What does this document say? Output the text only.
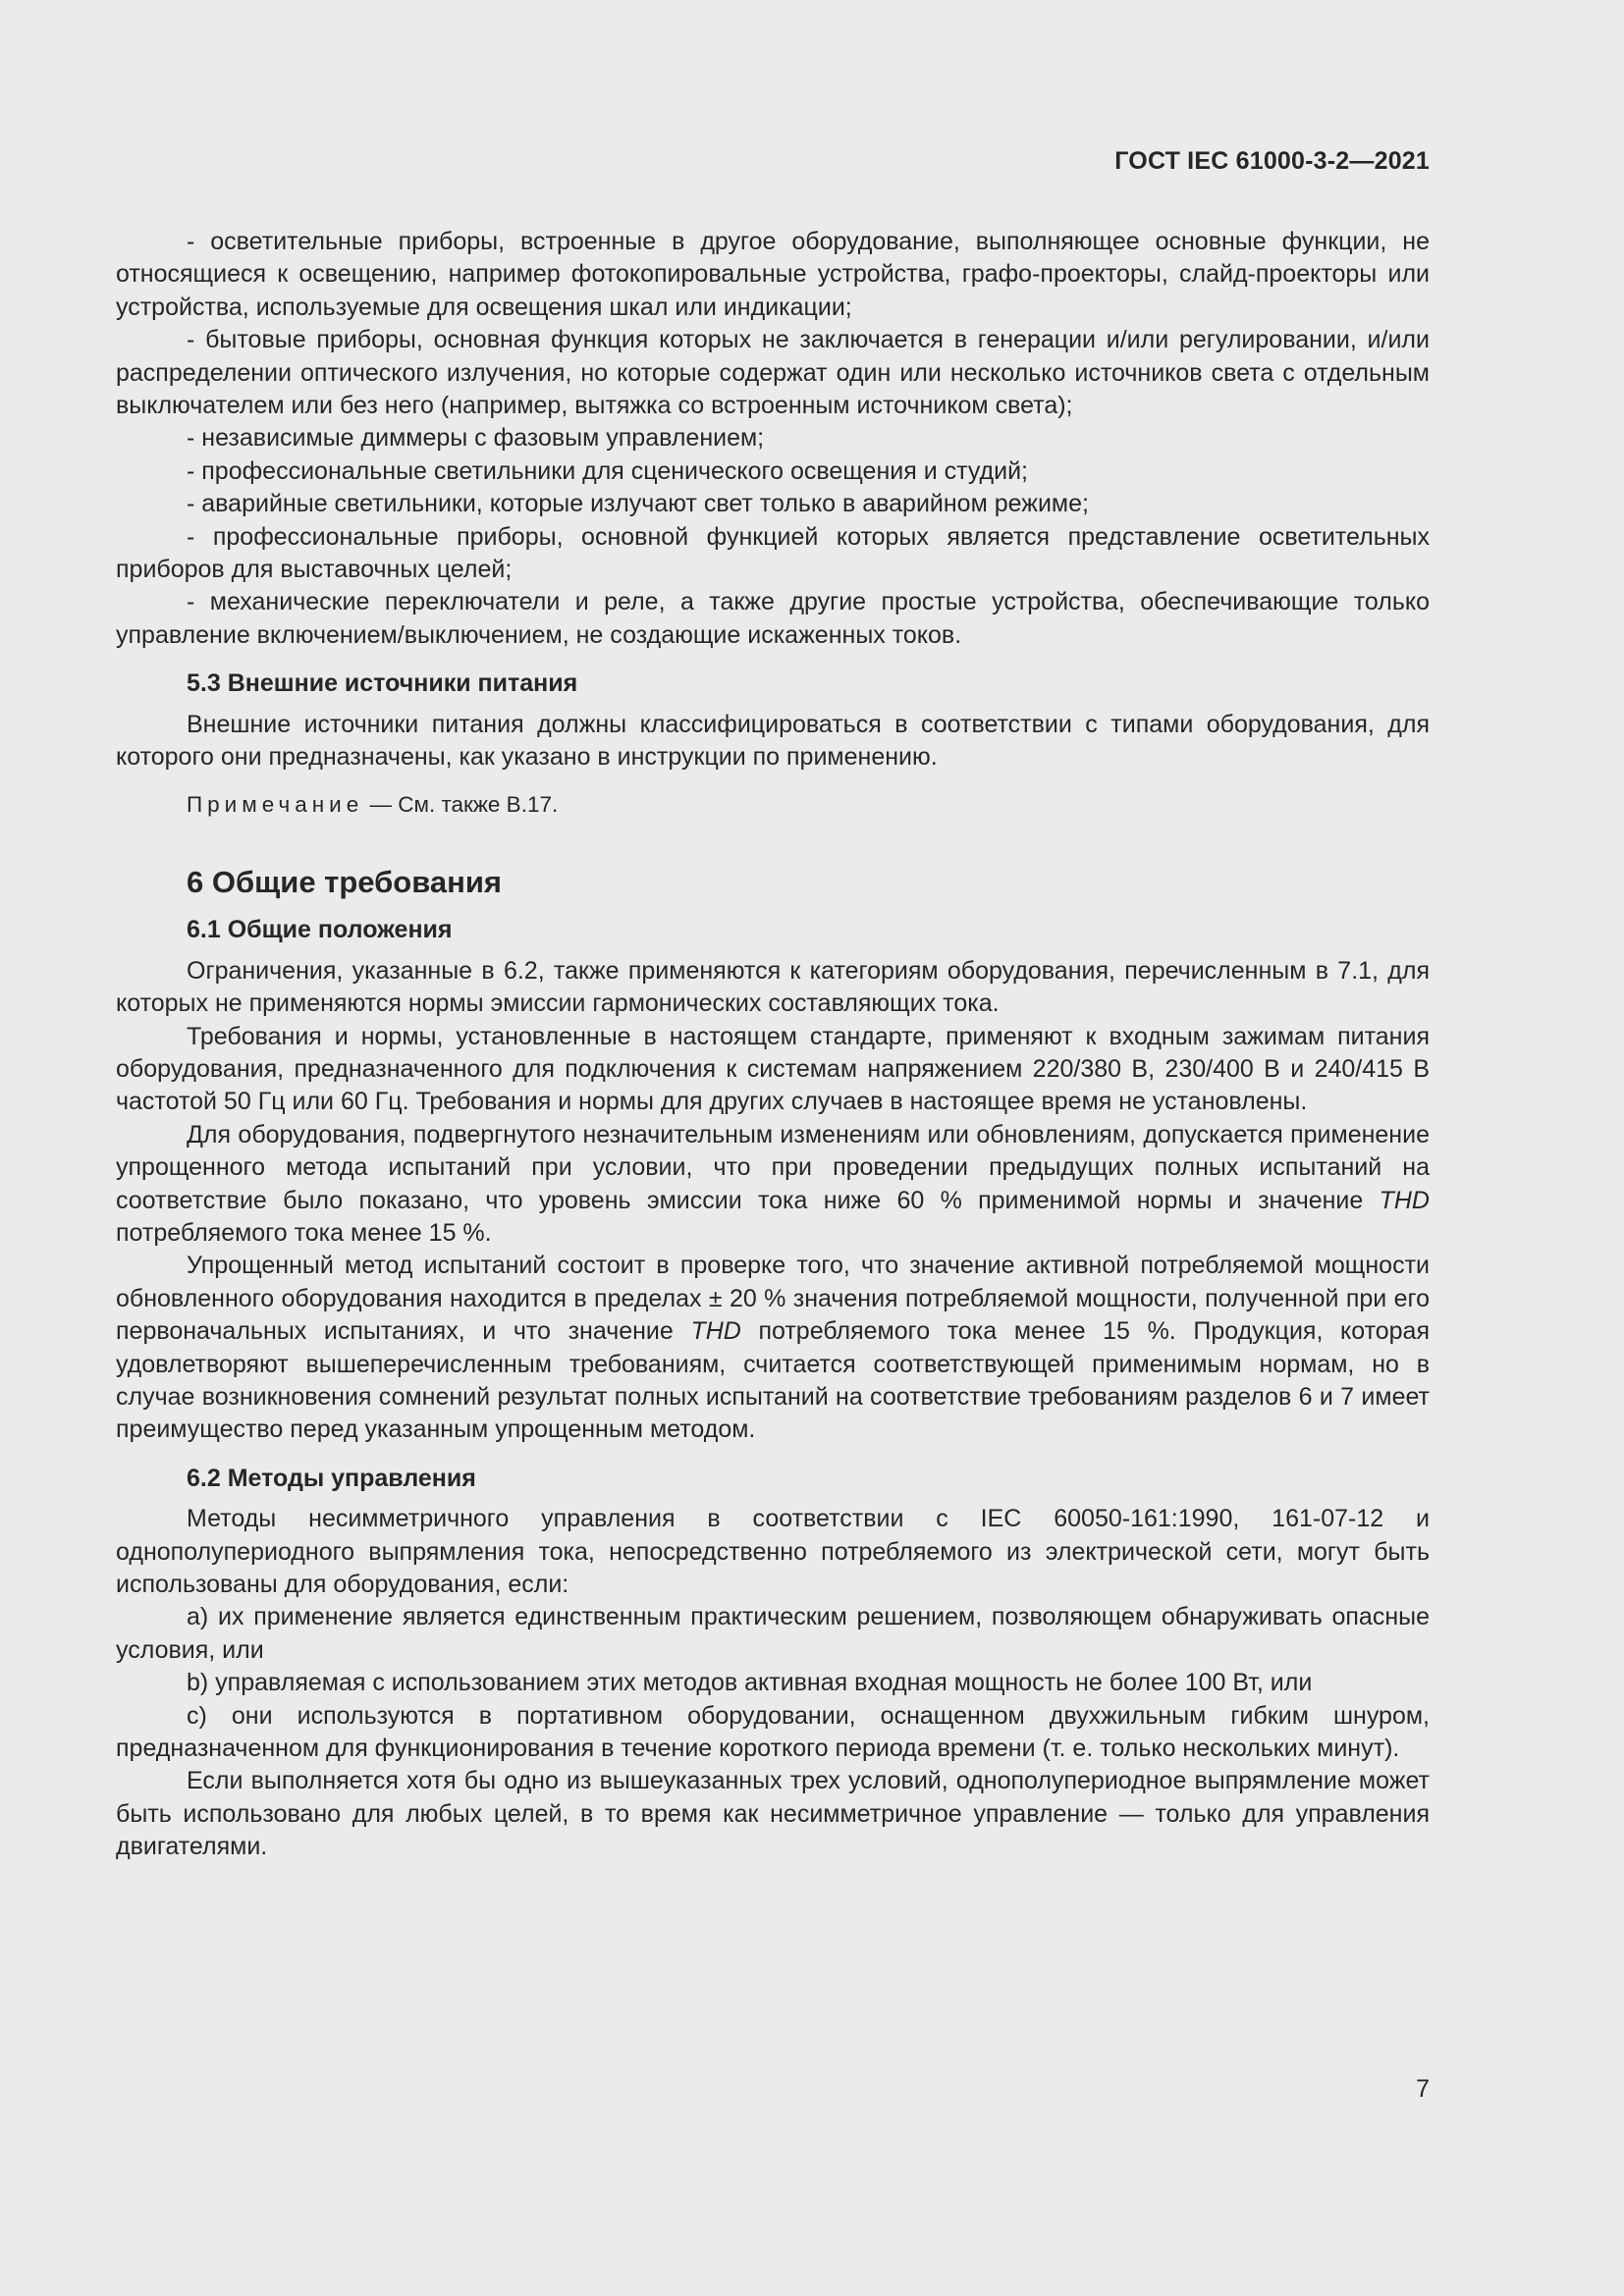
ГОСТ IEC 61000-3-2—2021

- осветительные приборы, встроенные в другое оборудование, выполняющее основные функции, не относящиеся к освещению, например фотокопировальные устройства, графо-проекторы, слайд-проекторы или устройства, используемые для освещения шкал или индикации;

- бытовые приборы, основная функция которых не заключается в генерации и/или регулировании, и/или распределении оптического излучения, но которые содержат один или несколько источников света с отдельным выключателем или без него (например, вытяжка со встроенным источником света);

- независимые диммеры с фазовым управлением;

- профессиональные светильники для сценического освещения и студий;

- аварийные светильники, которые излучают свет только в аварийном режиме;

- профессиональные приборы, основной функцией которых является представление осветительных приборов для выставочных целей;

- механические переключатели и реле, а также другие простые устройства, обеспечивающие только управление включением/выключением, не создающие искаженных токов.

5.3 Внешние источники питания

Внешние источники питания должны классифицироваться в соответствии с типами оборудования, для которого они предназначены, как указано в инструкции по применению.

Примечание — См. также B.17.

6 Общие требования

6.1 Общие положения

Ограничения, указанные в 6.2, также применяются к категориям оборудования, перечисленным в 7.1, для которых не применяются нормы эмиссии гармонических составляющих тока.

Требования и нормы, установленные в настоящем стандарте, применяют к входным зажимам питания оборудования, предназначенного для подключения к системам напряжением 220/380 В, 230/400 В и 240/415 В частотой 50 Гц или 60 Гц. Требования и нормы для других случаев в настоящее время не установлены.

Для оборудования, подвергнутого незначительным изменениям или обновлениям, допускается применение упрощенного метода испытаний при условии, что при проведении предыдущих полных испытаний на соответствие было показано, что уровень эмиссии тока ниже 60 % применимой нормы и значение THD потребляемого тока менее 15 %.

Упрощенный метод испытаний состоит в проверке того, что значение активной потребляемой мощности обновленного оборудования находится в пределах ± 20 % значения потребляемой мощности, полученной при его первоначальных испытаниях, и что значение THD потребляемого тока менее 15 %. Продукция, которая удовлетворяют вышеперечисленным требованиям, считается соответствующей применимым нормам, но в случае возникновения сомнений результат полных испытаний на соответствие требованиям разделов 6 и 7 имеет преимущество перед указанным упрощенным методом.

6.2 Методы управления

Методы несимметричного управления в соответствии с IEC 60050-161:1990, 161-07-12 и однополупериодного выпрямления тока, непосредственно потребляемого из электрической сети, могут быть использованы для оборудования, если:

a) их применение является единственным практическим решением, позволяющем обнаруживать опасные условия, или

b) управляемая с использованием этих методов активная входная мощность не более 100 Вт, или

c) они используются в портативном оборудовании, оснащенном двухжильным гибким шнуром, предназначенном для функционирования в течение короткого периода времени (т. е. только нескольких минут).

Если выполняется хотя бы одно из вышеуказанных трех условий, однополупериодное выпрямление может быть использовано для любых целей, в то время как несимметричное управление — только для управления двигателями.

7
